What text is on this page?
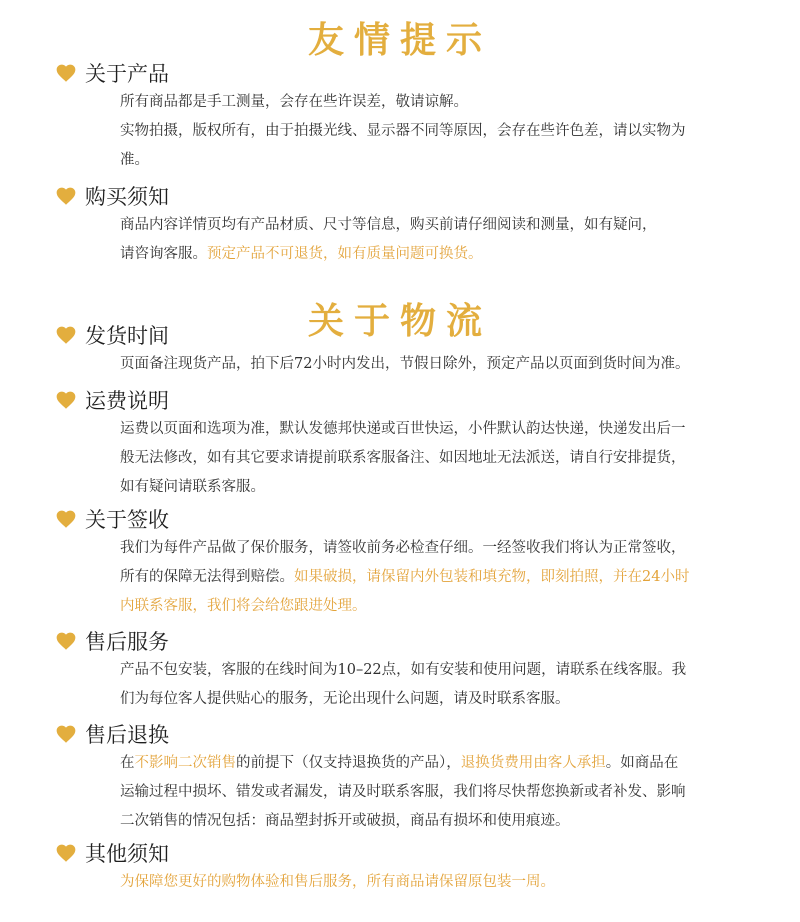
友情提示
关于物流
关于产品

所有商品都是手工测量，会存在些许误差，敬请谅解。

实物拍摄，版权所有，由于拍摄光线、显示器不同等原因，会存在些许色差，请以实物为

准。

购买须知

商品内容详情页均有产品材质、尺寸等信息，购买前请仔细阅读和测量，如有疑问，

请咨询客服。预定产品不可退货，如有质量问题可换货。

发货时间

页面备注现货产品，拍下后72小时内发出，节假日除外，预定产品以页面到货时间为准。

运费说明

运费以页面和选项为准，默认发德邦快递或百世快运，小件默认韵达快递，快递发出后一

般无法修改，如有其它要求请提前联系客服备注、如因地址无法派送，请自行安排提货，

如有疑问请联系客服。

关于签收

我们为每件产品做了保价服务，请签收前务必检查仔细。一经签收我们将认为正常签收，

所有的保障无法得到赔偿。如果破损，请保留内外包装和填充物，即刻拍照，并在24小时

内联系客服，我们将会给您跟进处理。

售后服务

产品不包安装，客服的在线时间为10–22点，如有安装和使用问题，请联系在线客服。我

们为每位客人提供贴心的服务，无论出现什么问题，请及时联系客服。

售后退换

在不影响二次销售的前提下（仅支持退换货的产品），退换货费用由客人承担。如商品在

运输过程中损坏、错发或者漏发，请及时联系客服，我们将尽快帮您换新或者补发、影响

二次销售的情况包括：商品塑封拆开或破损，商品有损坏和使用痕迹。

其他须知

为保障您更好的购物体验和售后服务，所有商品请保留原包装一周。
